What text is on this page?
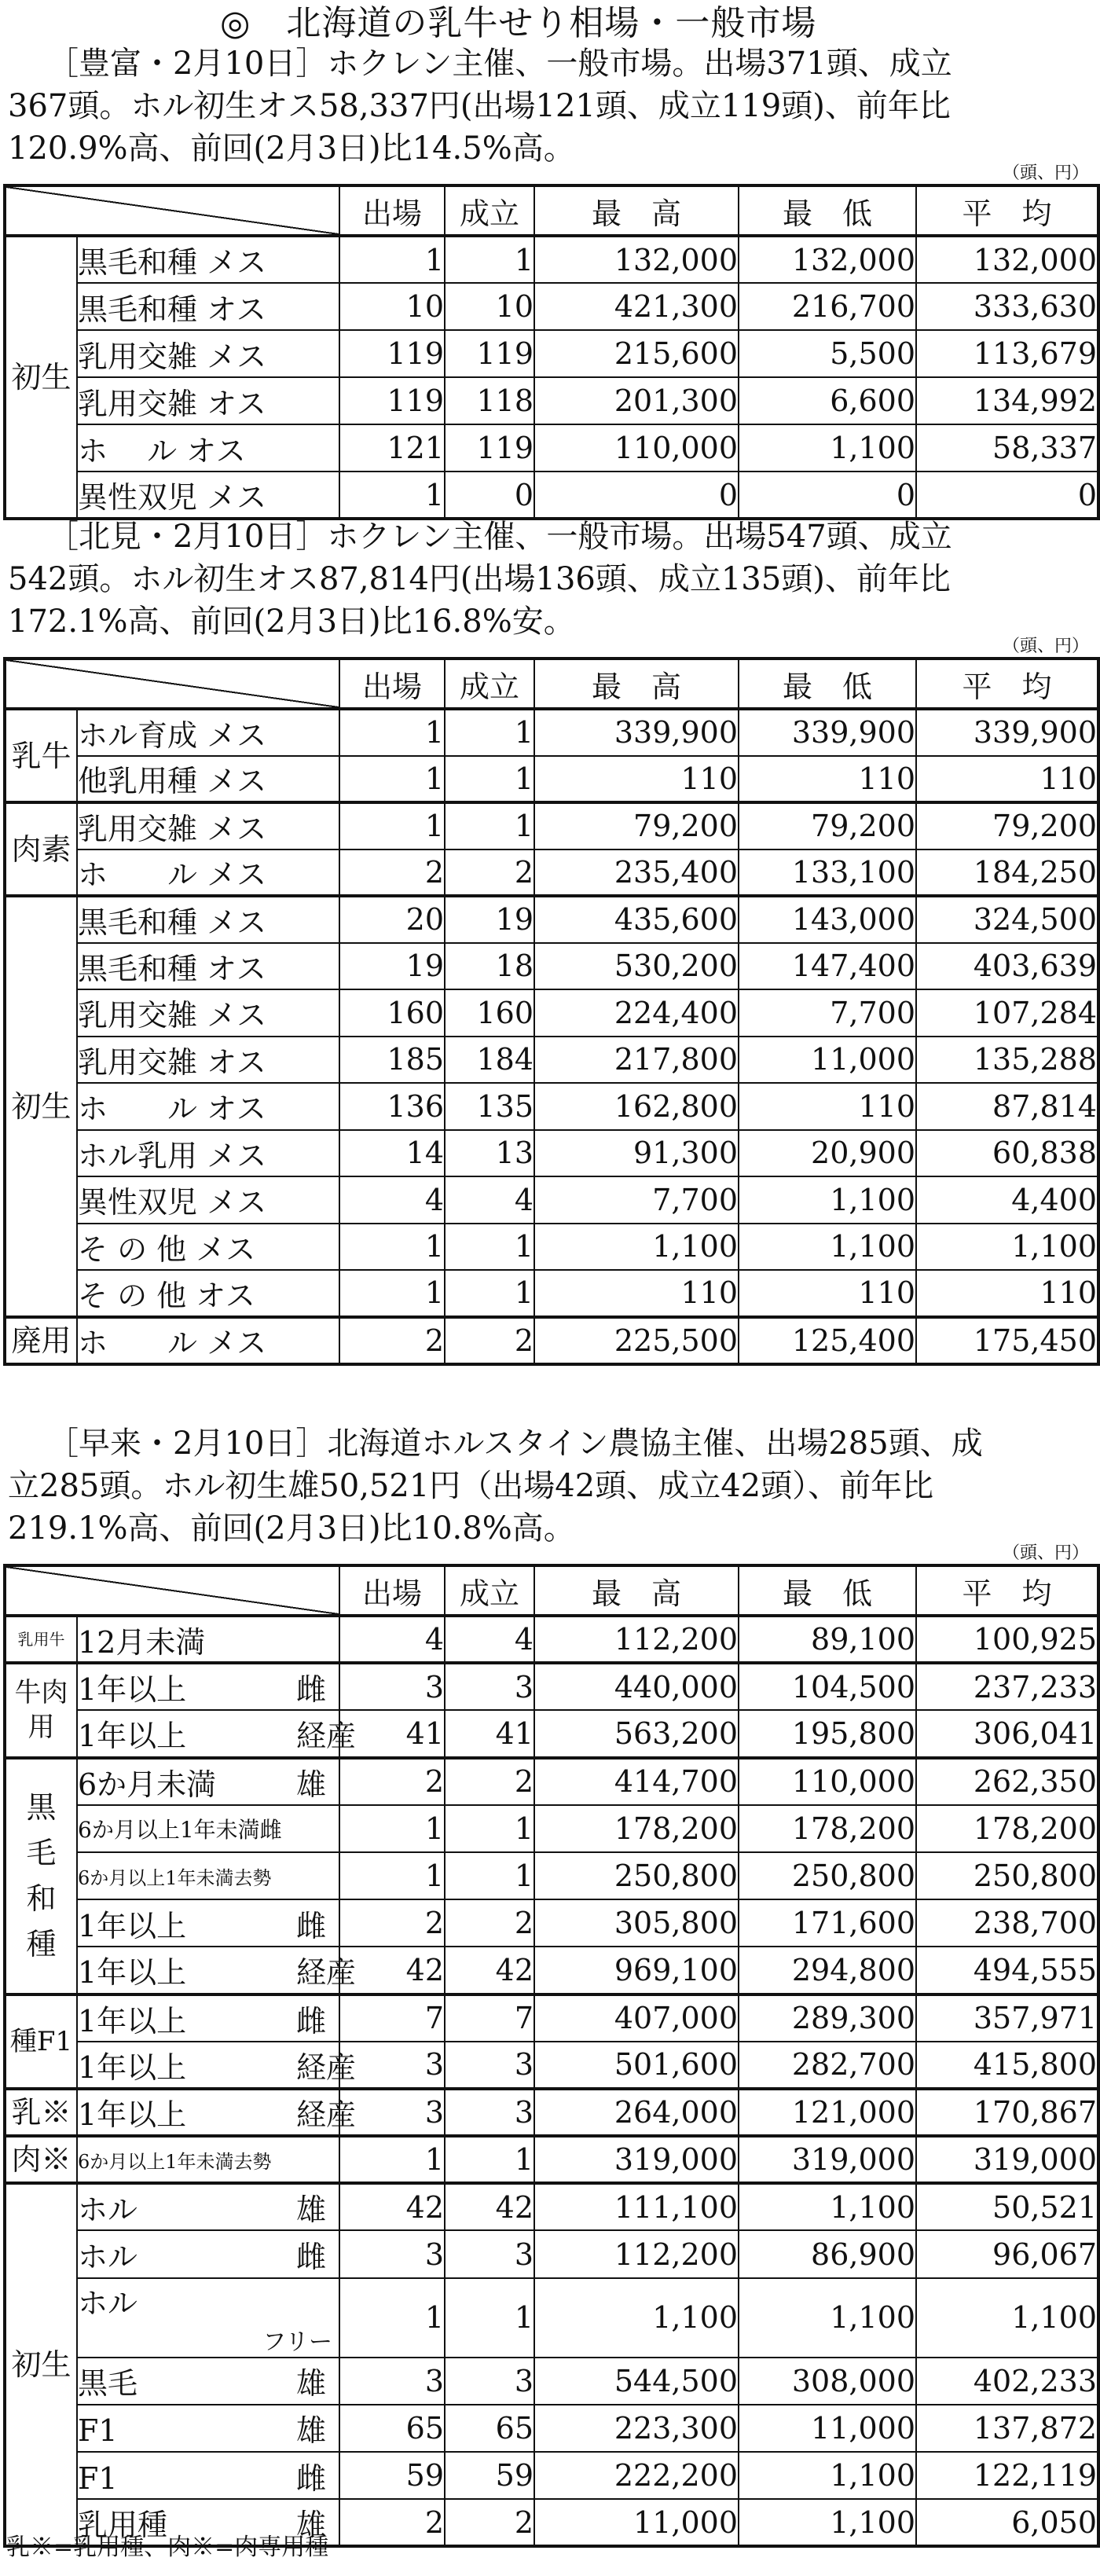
◎　北海道の乳牛せり相場・一般市場
乳※=乳用種、肉※=肉専用種
［豊富・2月10日］ホクレン主催、一般市場。出場371頭、成立
367頭。ホル初生オス58,337円(出場121頭、成立119頭)、前年比
120.9%高、前回(2月3日)比14.5%高。
（頭、円）
		出場	成立	最　高	最　低	平　均
初生	黒毛和種 メス	1	1	132,000	132,000	132,000
	黒毛和種 オス	10	10	421,300	216,700	333,630
	乳用交雑 メス	119	119	215,600	5,500	113,679
	乳用交雑 オス	119	118	201,300	6,600	134,992
	ホ　 ル オス	121	119	110,000	1,100	58,337
	異性双児 メス	1	0	0	0	0
［北見・2月10日］ホクレン主催、一般市場。出場547頭、成立
542頭。ホル初生オス87,814円(出場136頭、成立135頭)、前年比
172.1%高、前回(2月3日)比16.8%安。
（頭、円）
		出場	成立	最　高	最　低	平　均
乳牛	ホル育成 メス	1	1	339,900	339,900	339,900
	他乳用種 メス	1	1	110	110	110
肉素	乳用交雑 メス	1	1	79,200	79,200	79,200
	ホ　　ル メス	2	2	235,400	133,100	184,250
初生	黒毛和種 メス	20	19	435,600	143,000	324,500
	黒毛和種 オス	19	18	530,200	147,400	403,639
	乳用交雑 メス	160	160	224,400	7,700	107,284
	乳用交雑 オス	185	184	217,800	11,000	135,288
	ホ　　ル オス	136	135	162,800	110	87,814
	ホル乳用 メス	14	13	91,300	20,900	60,838
	異性双児 メス	4	4	7,700	1,100	4,400
	そ の 他 メス	1	1	1,100	1,100	1,100
	そ の 他 オス	1	1	110	110	110
廃用	ホ　　ル メス	2	2	225,500	125,400	175,450
［早来・2月10日］北海道ホルスタイン農協主催、出場285頭、成
立285頭。ホル初生雄50,521円（出場42頭、成立42頭）、前年比
219.1%高、前回(2月3日)比10.8%高。
（頭、円）
		出場	成立	最　高	最　低	平　均
乳用牛	12月未満	4	4	112,200	89,100	100,925
牛肉用	1年以上 雌	3	3	440,000	104,500	237,233
	1年以上 経産	41	41	563,200	195,800	306,041
黒毛和種	6か月未満 雄	2	2	414,700	110,000	262,350
	6か月以上1年未満雌	1	1	178,200	178,200	178,200
	6か月以上1年未満去勢	1	1	250,800	250,800	250,800
	1年以上 雌	2	2	305,800	171,600	238,700
	1年以上 経産	42	42	969,100	294,800	494,555
種F1	1年以上 雌	7	7	407,000	289,300	357,971
	1年以上 経産	3	3	501,600	282,700	415,800
乳※	1年以上 経産	3	3	264,000	121,000	170,867
肉※	6か月以上1年未満去勢	1	1	319,000	319,000	319,000
初生	ホル 雄	42	42	111,100	1,100	50,521
	ホル 雌	3	3	112,200	86,900	96,067
	ホル
フリー	1	1	1,100	1,100	1,100
	黒毛 雄	3	3	544,500	308,000	402,233
	F1 雄	65	65	223,300	11,000	137,872
	F1 雌	59	59	222,200	1,100	122,119
	乳用種 雄	2	2	11,000	1,100	6,050
